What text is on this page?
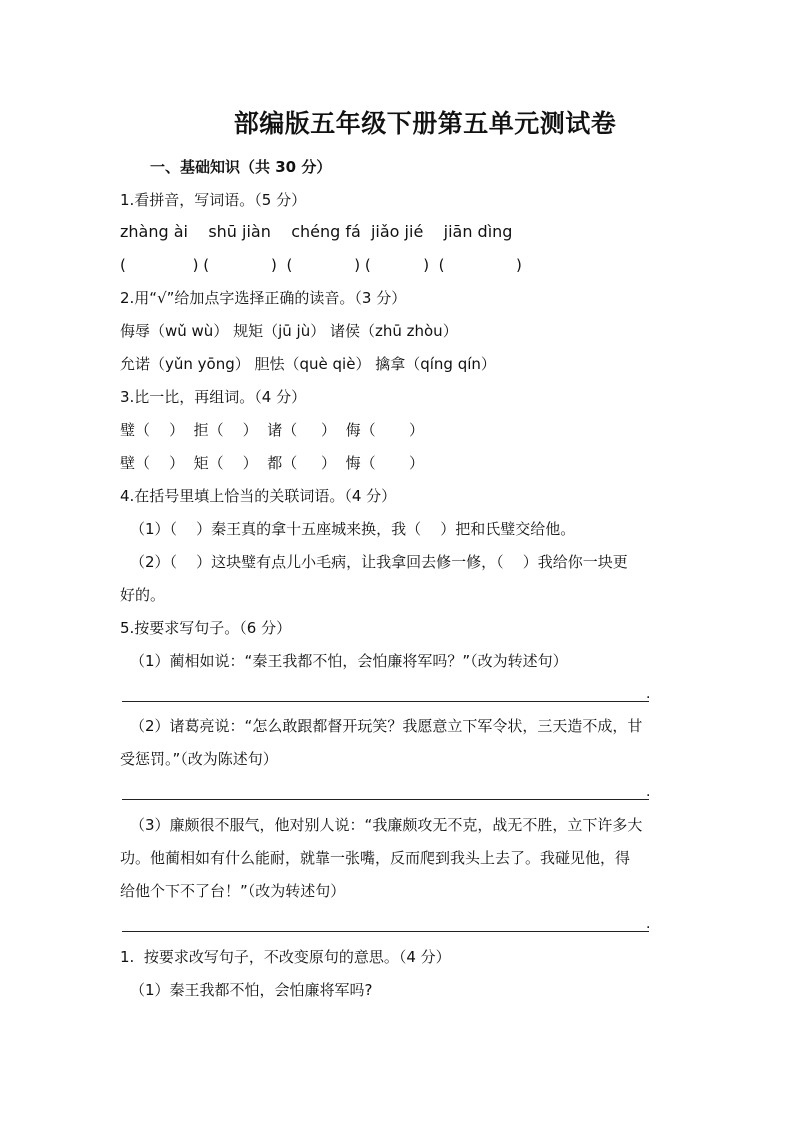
部编版五年级下册第五单元测试卷
一、基础知识（共 30 分）
1.看拼音，写词语。（5 分）
zhàng ài    shū jiàn    chéng fá  jiǎo jié    jiān dìng
(              ) (             )  (             ) (           )  (               )
2.用“√”给加点字选择正确的读音。（3 分）
侮辱（wǔ wù） 规矩（jū jù） 诸侯（zhū zhòu）
允诺（yǔn yōng） 胆怯（què qiè） 擒拿（qíng qín）
3.比一比，再组词。（4 分）
璧（    ）  拒（    ）  诸（     ）  侮（       ）
壁（    ）  矩（    ）  都（     ）  悔（       ）
4.在括号里填上恰当的关联词语。（4 分）
（1）（    ）秦王真的拿十五座城来换，我（    ）把和氏璧交给他。
（2）（    ）这块璧有点儿小毛病，让我拿回去修一修，（    ）我给你一块更
好的。
5.按要求写句子。（6 分）
（1）蔺相如说：“秦王我都不怕，会怕廉将军吗？”（改为转述句）
.
（2）诸葛亮说：“怎么敢跟都督开玩笑？我愿意立下军令状，三天造不成，甘
受惩罚。”（改为陈述句）
.
（3）廉颇很不服气，他对别人说：“我廉颇攻无不克，战无不胜，立下许多大
功。他蔺相如有什么能耐，就靠一张嘴，反而爬到我头上去了。我碰见他，得
给他个下不了台！”（改为转述句）
.
1.  按要求改写句子，不改变原句的意思。（4 分）
（1）秦王我都不怕，会怕廉将军吗?
